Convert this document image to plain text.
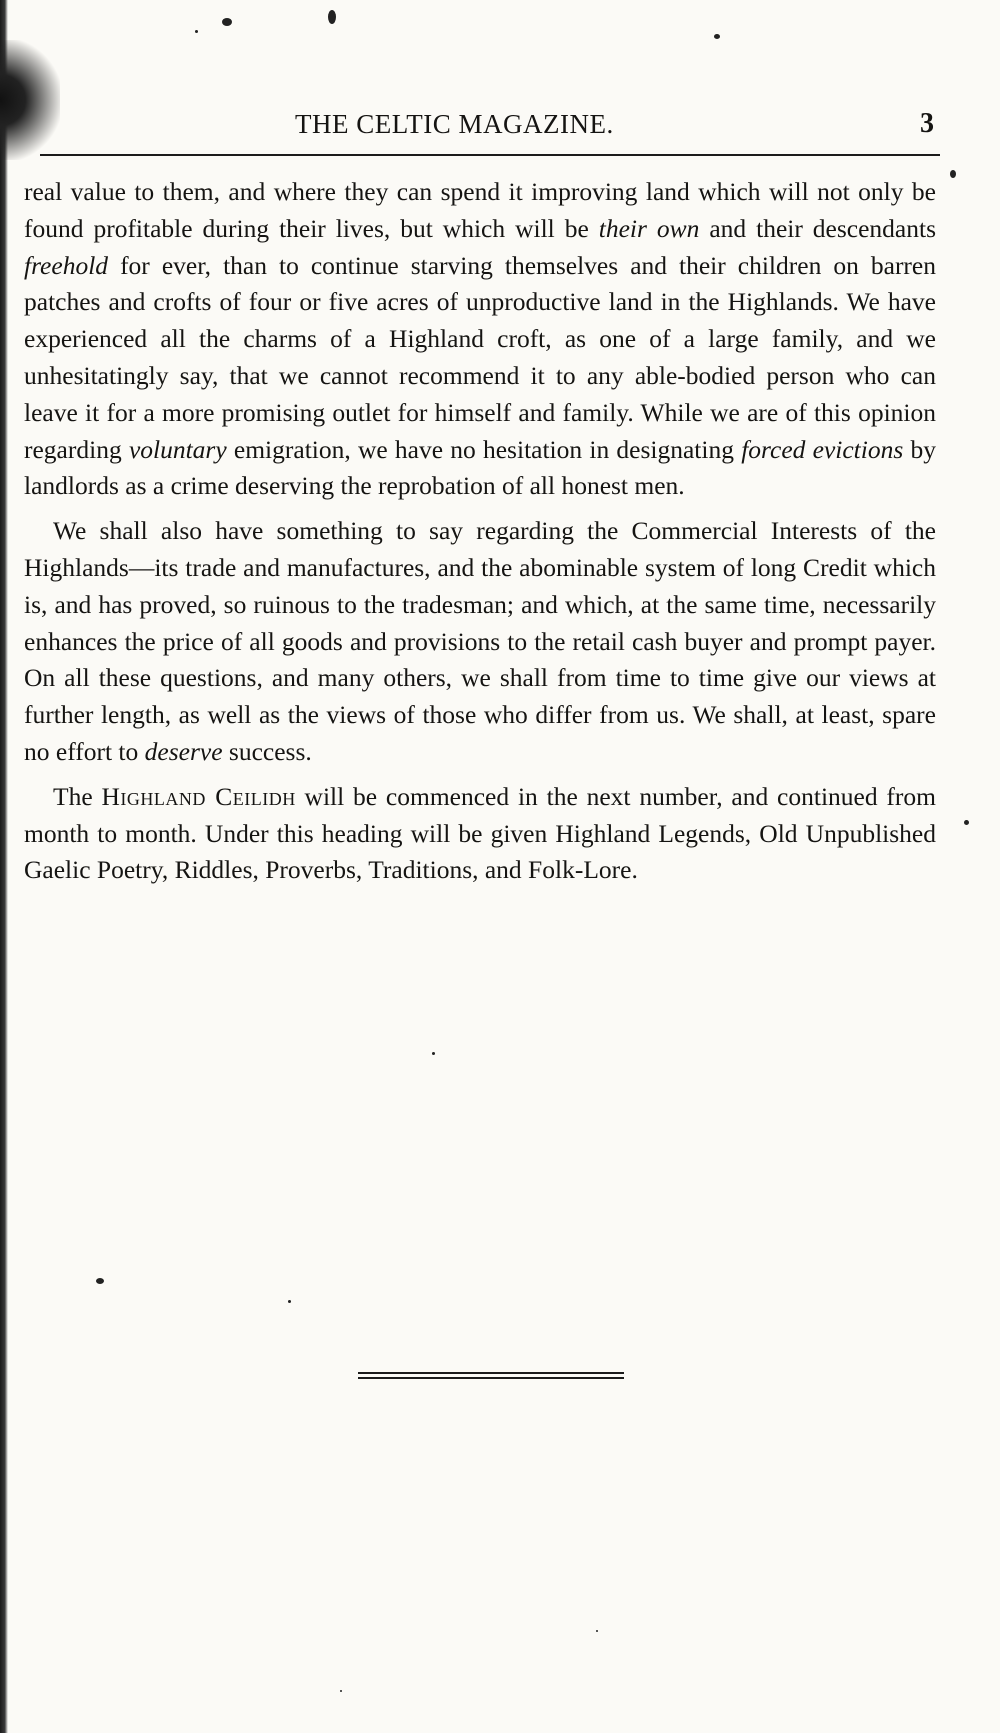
THE CELTIC MAGAZINE.	3

real value to them, and where they can spend it improving land which will not only be found profitable during their lives, but which will be their own and their descendants freehold for ever, than to continue starving themselves and their children on barren patches and crofts of four or five acres of unproductive land in the Highlands. We have experienced all the charms of a Highland croft, as one of a large family, and we unhesitatingly say, that we cannot recommend it to any able-bodied person who can leave it for a more promising outlet for himself and family. While we are of this opinion regarding voluntary emigration, we have no hesitation in designating forced evictions by landlords as a crime deserving the reprobation of all honest men.

We shall also have something to say regarding the Commercial Interests of the Highlands—its trade and manufactures, and the abominable system of long Credit which is, and has proved, so ruinous to the tradesman; and which, at the same time, necessarily enhances the price of all goods and provisions to the retail cash buyer and prompt payer. On all these questions, and many others, we shall from time to time give our views at further length, as well as the views of those who differ from us. We shall, at least, spare no effort to deserve success.

The Highland Ceilidh will be commenced in the next number, and continued from month to month. Under this heading will be given Highland Legends, Old Unpublished Gaelic Poetry, Riddles, Proverbs, Traditions, and Folk-Lore.
